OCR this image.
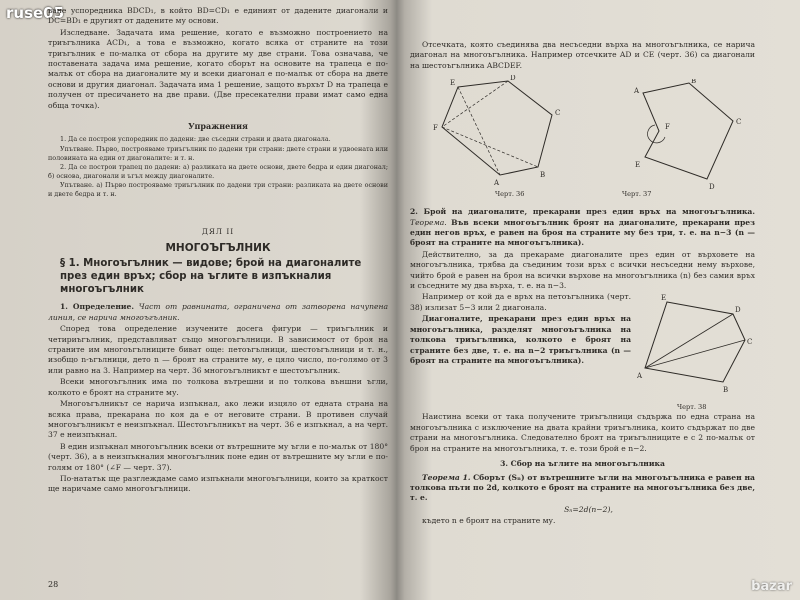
ruse05

ване успоредника BDCD₁, в който BD=CD₁ е единият от дадените диагонали и DC=BD₁ е другият от дадените му основи.

Изследване. Задачата има решение, когато е възможно построението на триъгълника ACD₁, а това е възможно, когато всяка от страните на този триъгълник е по-малка от сбора на другите му две страни. Това означава, че поставената задача има решение, когато сборът на основите на трапеца е по-малък от сбора на диагоналите му и всеки диагонал е по-малък от сбора на двете основи и другия диагонал. Задачата има 1 решение, защото върхът D на трапеца е получен от пресичането на две прави. (Две пресекателни прави имат само една обща точка).

Упражнения

1. Да се построи успоредник по дадени: две съседни страни и двата диагонала.

Упътване. Първо, построяваме триъгълник по дадени три страни: двете страни и удвоената или половината на един от диагоналите: и т. н.

2. Да се построи трапец по дадени: а) разликата на двете основи, двете бедра и един диагонал; б) основа, диагонали и ъгъл между диагоналите.

Упътване. а) Първо построяваме триъгълник по дадени три страни: разликата на двете основи и двете бедра и т. н.

ДЯЛ II
МНОГОЪГЪЛНИК
§ 1. Многоъгълник — видове; брой на диагоналите през един връх; сбор на ъглите в изпъкналия многоъгълник

1. Определение. Част от равнината, ограничена от затворена начупена линия, се нарича многоъгълник.

Според това определение изучените досега фигури — триъгълник и четириъгълник, представляват също многоъгълници. В зависимост от броя на страните им многоъгълниците биват още: петоъгълници, шестоъгълници и т. н., изобщо n-ъгълници, дето n — броят на страните му, е цяло число, по-голямо от 3 или равно на 3. Например на черт. 36 многоъгълникът е шестоъгълник.

Всеки многоъгълник има по толкова вътрешни и по толкова външни ъгли, колкото е броят на страните му.

Многоъгълникът се нарича изпъкнал, ако лежи изцяло от едната страна на всяка права, прекарана по коя да е от неговите страни. В противен случай многоъгълникът е неизпъкнал. Шестоъгълникът на черт. 36 е изпъкнал, а на черт. 37 е неизпъкнал.

В един изпъкнал многоъгълник всеки от вътрешните му ъгли е по-малък от 180° (черт. 36), а в неизпъкналия многоъгълник поне един от вътрешните му ъгли е по-голям от 180° (∠F — черт. 37).

По-нататък ще разглеждаме само изпъкнали многоъгълници, които за краткост ще наричаме само многоъгълници.

28

Отсечката, която съединява два несъседни върха на многоъгълника, се нарича диагонал на многоъгълника. Например отсечките AD и CE (черт. 36) са диагонали на шестоъгълника ABCDEF.

E
D
C
B
A
F
Черт. 36
A
B
C
D
E
F
Черт. 37

2. Брой на диагоналите, прекарани през един връх на многоъгълника. Теорема. Във всеки многоъгълник броят на диагоналите, прекарани през един негов връх, е равен на броя на страните му без три, т. е. на n−3 (n — броят на страните на многоъгълника).

Действително, за да прекараме диагоналите през един от върховете на многоъгълника, трябва да съединим този връх с всички несъседни нему върхове, чийто брой е равен на броя на всички върхове на многоъгълника (n) без самия връх и съседните му два върха, т. е. на n−3.

A
B
C
D
E
Черт. 38

Например от кой да е връх на петоъгълника (черт. 38) излизат 5−3 или 2 диагонала.

Диагоналите, прекарани през един връх на многоъгълника, разделят многоъгълника на толкова триъгълника, колкото е броят на страните без две, т. е. на n−2 триъгълника (n — броят на страните на многоъгълника).

Наистина всеки от така получените триъгълници съдържа по една страна на многоъгълника с изключение на двата крайни триъгълника, които съдържат по две страни на многоъгълника. Следователно броят на триъгълниците е с 2 по-малък от броя на страните на многоъгълника, т. е. този брой е n−2.

3. Сбор на ъглите на многоъгълника

Теорема 1. Сборът (Sₙ) от вътрешните ъгли на многоъгълника е равен на толкова пъти по 2d, колкото е броят на страните на многоъгълника без две, т. е.

Sₙ=2d(n−2),

където n е броят на страните му.

bazar
